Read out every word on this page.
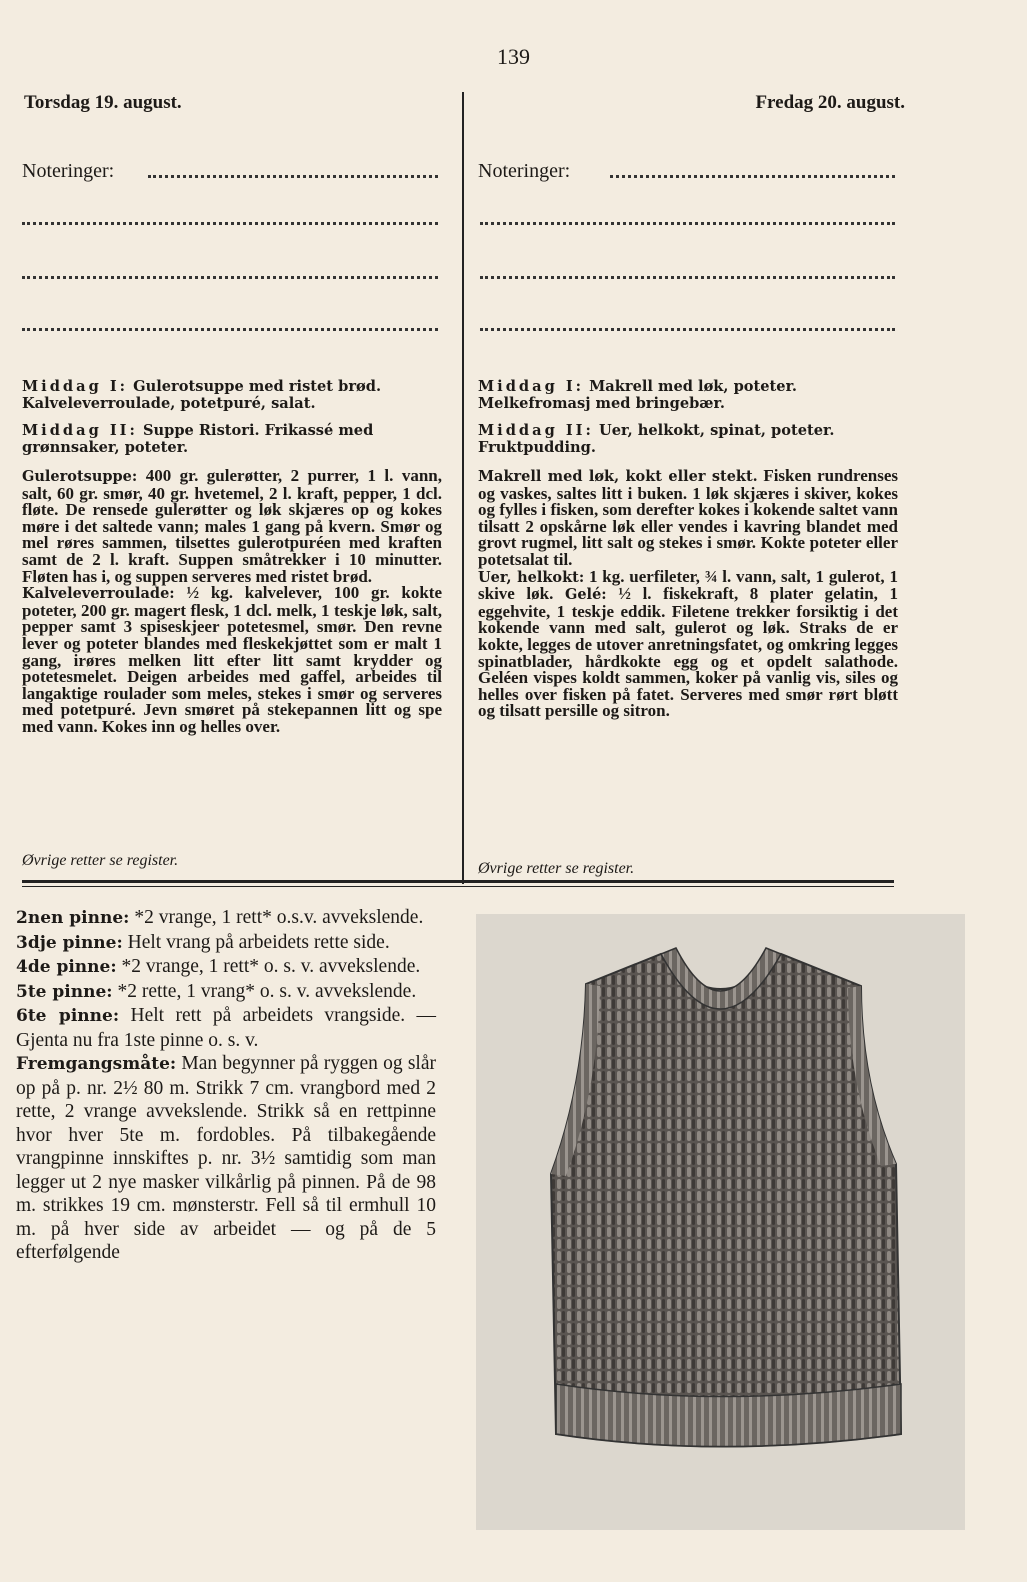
139
Torsdag 19. august.	Fredag 20. august.
Noteringer:
Middag I: Gulerotsuppe med ristet brød. Kalveleverroulade, potetpuré, salat.
Middag II: Suppe Ristori. Frikassé med grønnsaker, poteter.
Gulerotsuppe: 400 gr. gulerøtter, 2 purrer, 1 l. vann, salt, 60 gr. smør, 40 gr. hvetemel, 2 l. kraft, pepper, 1 dcl. fløte. De rensede gulerøtter og løk skjæres op og kokes møre i det saltede vann; males 1 gang på kvern. Smør og mel røres sammen, tilsettes gulerotpuréen med kraften samt de 2 l. kraft. Suppen småtrekker i 10 minutter. Fløten has i, og suppen serveres med ristet brød.
Kalveleverroulade: ½ kg. kalvelever, 100 gr. kokte poteter, 200 gr. magert flesk, 1 dcl. melk, 1 teskje løk, salt, pepper samt 3 spiseskjeer potetesmel, smør. Den revne lever og poteter blandes med fleskekjøttet som er malt 1 gang, irøres melken litt efter litt samt krydder og potetesmelet. Deigen arbeides med gaffel, arbeides til langaktige roulader som meles, stekes i smør og serveres med potetpuré. Jevn smøret på stekepannen litt og spe med vann. Kokes inn og helles over.
Øvrige retter se register.
Noteringer:
Middag I: Makrell med løk, poteter. Melkefromasj med bringebær.
Middag II: Uer, helkokt, spinat, poteter. Fruktpudding.
Makrell med løk, kokt eller stekt. Fisken rundrenses og vaskes, saltes litt i buken. 1 løk skjæres i skiver, kokes og fylles i fisken, som derefter kokes i kokende saltet vann tilsatt 2 opskårne løk eller vendes i kavring blandet med grovt rugmel, litt salt og stekes i smør. Kokte poteter eller potetsalat til.
Uer, helkokt: 1 kg. uerfileter, ¾ l. vann, salt, 1 gulerot, 1 skive løk. Gelé: ½ l. fiskekraft, 8 plater gelatin, 1 eggehvite, 1 teskje eddik. Filetene trekker forsiktig i det kokende vann med salt, gulerot og løk. Straks de er kokte, legges de utover anretningsfatet, og omkring legges spinatblader, hårdkokte egg og et opdelt salathode. Geléen vispes koldt sammen, koker på vanlig vis, siles og helles over fisken på fatet. Serveres med smør rørt bløtt og tilsatt persille og sitron.
Øvrige retter se register.
2nen pinne: *2 vrange, 1 rett* o.s.v. avvekslende.
3dje pinne: Helt vrang på arbeidets rette side.
4de pinne: *2 vrange, 1 rett* o. s. v. avvekslende.
5te pinne: *2 rette, 1 vrang* o. s. v. avvekslende.
6te pinne: Helt rett på arbeidets vrangside. — Gjenta nu fra 1ste pinne o. s. v.
Fremgangsmåte: Man begynner på ryggen og slår op på p. nr. 2½ 80 m. Strikk 7 cm. vrangbord med 2 rette, 2 vrange avvekslende. Strikk så en rettpinne hvor hver 5te m. fordobles. På tilbakegående vrangpinne innskiftes p. nr. 3½ samtidig som man legger ut 2 nye masker vilkårlig på pinnen. På de 98 m. strikkes 19 cm. mønsterstr. Fell så til ermhull 10 m. på hver side av arbeidet — og på de 5 efterfølgende
